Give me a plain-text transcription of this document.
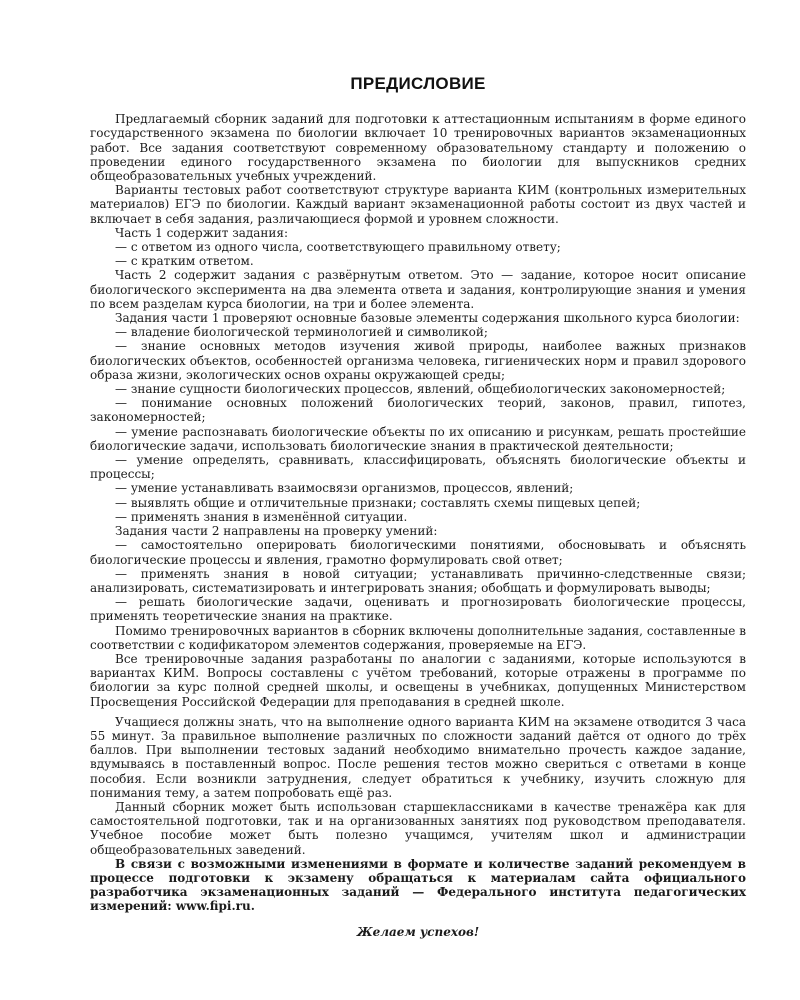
ПРЕДИСЛОВИЕ

Предлагаемый сборник заданий для подготовки к аттестационным испытаниям в форме единого государственного экзамена по биологии включает 10 тренировочных вариантов экзаменационных работ. Все задания соответствуют современному образовательному стандарту и положению о проведении единого государственного экзамена по биологии для выпускников средних общеобразовательных учебных учреждений.

Варианты тестовых работ соответствуют структуре варианта КИМ (контрольных измерительных материалов) ЕГЭ по биологии. Каждый вариант экзаменационной работы состоит из двух частей и включает в себя задания, различающиеся формой и уровнем сложности.

Часть 1 содержит задания:

— с ответом из одного числа, соответствующего правильному ответу;

— с кратким ответом.

Часть 2 содержит задания с развёрнутым ответом. Это — задание, которое носит описание биологического эксперимента на два элемента ответа и задания, контролирующие знания и умения по всем разделам курса биологии, на три и более элемента.

Задания части 1 проверяют основные базовые элементы содержания школьного курса биологии:

— владение биологической терминологией и символикой;

— знание основных методов изучения живой природы, наиболее важных признаков биологических объектов, особенностей организма человека, гигиенических норм и правил здорового образа жизни, экологических основ охраны окружающей среды;

— знание сущности биологических процессов, явлений, общебиологических закономерностей;

— понимание основных положений биологических теорий, законов, правил, гипотез, закономерностей;

— умение распознавать биологические объекты по их описанию и рисункам, решать простейшие биологические задачи, использовать биологические знания в практической деятельности;

— умение определять, сравнивать, классифицировать, объяснять биологические объекты и процессы;

— умение устанавливать взаимосвязи организмов, процессов, явлений;

— выявлять общие и отличительные признаки; составлять схемы пищевых цепей;

— применять знания в изменённой ситуации.

Задания части 2 направлены на проверку умений:

— самостоятельно оперировать биологическими понятиями, обосновывать и объяснять биологические процессы и явления, грамотно формулировать свой ответ;

— применять знания в новой ситуации; устанавливать причинно-следственные связи; анализировать, систематизировать и интегрировать знания; обобщать и формулировать выводы;

— решать биологические задачи, оценивать и прогнозировать биологические процессы, применять теоретические знания на практике.

Помимо тренировочных вариантов в сборник включены дополнительные задания, составленные в соответствии с кодификатором элементов содержания, проверяемые на ЕГЭ.

Все тренировочные задания разработаны по аналогии с заданиями, которые используются в вариантах КИМ. Вопросы составлены с учётом требований, которые отражены в программе по биологии за курс полной средней школы, и освещены в учебниках, допущенных Министерством Просвещения Российской Федерации для преподавания в средней школе.

Учащиеся должны знать, что на выполнение одного варианта КИМ на экзамене отводится 3 часа 55 минут. За правильное выполнение различных по сложности заданий даётся от одного до трёх баллов. При выполнении тестовых заданий необходимо внимательно прочесть каждое задание, вдумываясь в поставленный вопрос. После решения тестов можно свериться с ответами в конце пособия. Если возникли затруднения, следует обратиться к учебнику, изучить сложную для понимания тему, а затем попробовать ещё раз.

Данный сборник может быть использован старшеклассниками в качестве тренажёра как для самостоятельной подготовки, так и на организованных занятиях под руководством преподавателя. Учебное пособие может быть полезно учащимся, учителям школ и администрации общеобразовательных заведений.

В связи с возможными изменениями в формате и количестве заданий рекомендуем в процессе подготовки к экзамену обращаться к материалам сайта официального разработчика экзаменационных заданий — Федерального института педагогических измерений: www.fipi.ru.

Желаем успехов!
